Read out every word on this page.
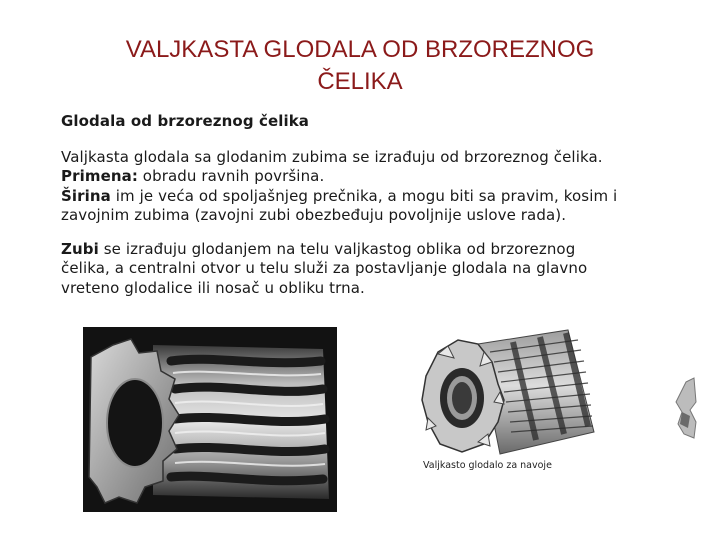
VALJKASTA GLODALA OD BRZOREZNOG
ČELIKA
Glodala od brzoreznog čelika
Valjkasta glodala sa glodanim zubima se izrađuju od brzoreznog čelika.
Primena: obradu ravnih površina.
Širina im je veća od spoljašnjeg prečnika, a mogu biti sa pravim, kosim i
zavojnim zubima (zavojni zubi obezbeđuju povoljnije uslove rada).
Zubi se izrađuju glodanjem na telu valjkastog oblika od brzoreznog
čelika, a centralni otvor u telu služi za postavljanje glodala na glavno
vreteno glodalice ili nosač u obliku trna.
Valjkasto glodalo za navoje
